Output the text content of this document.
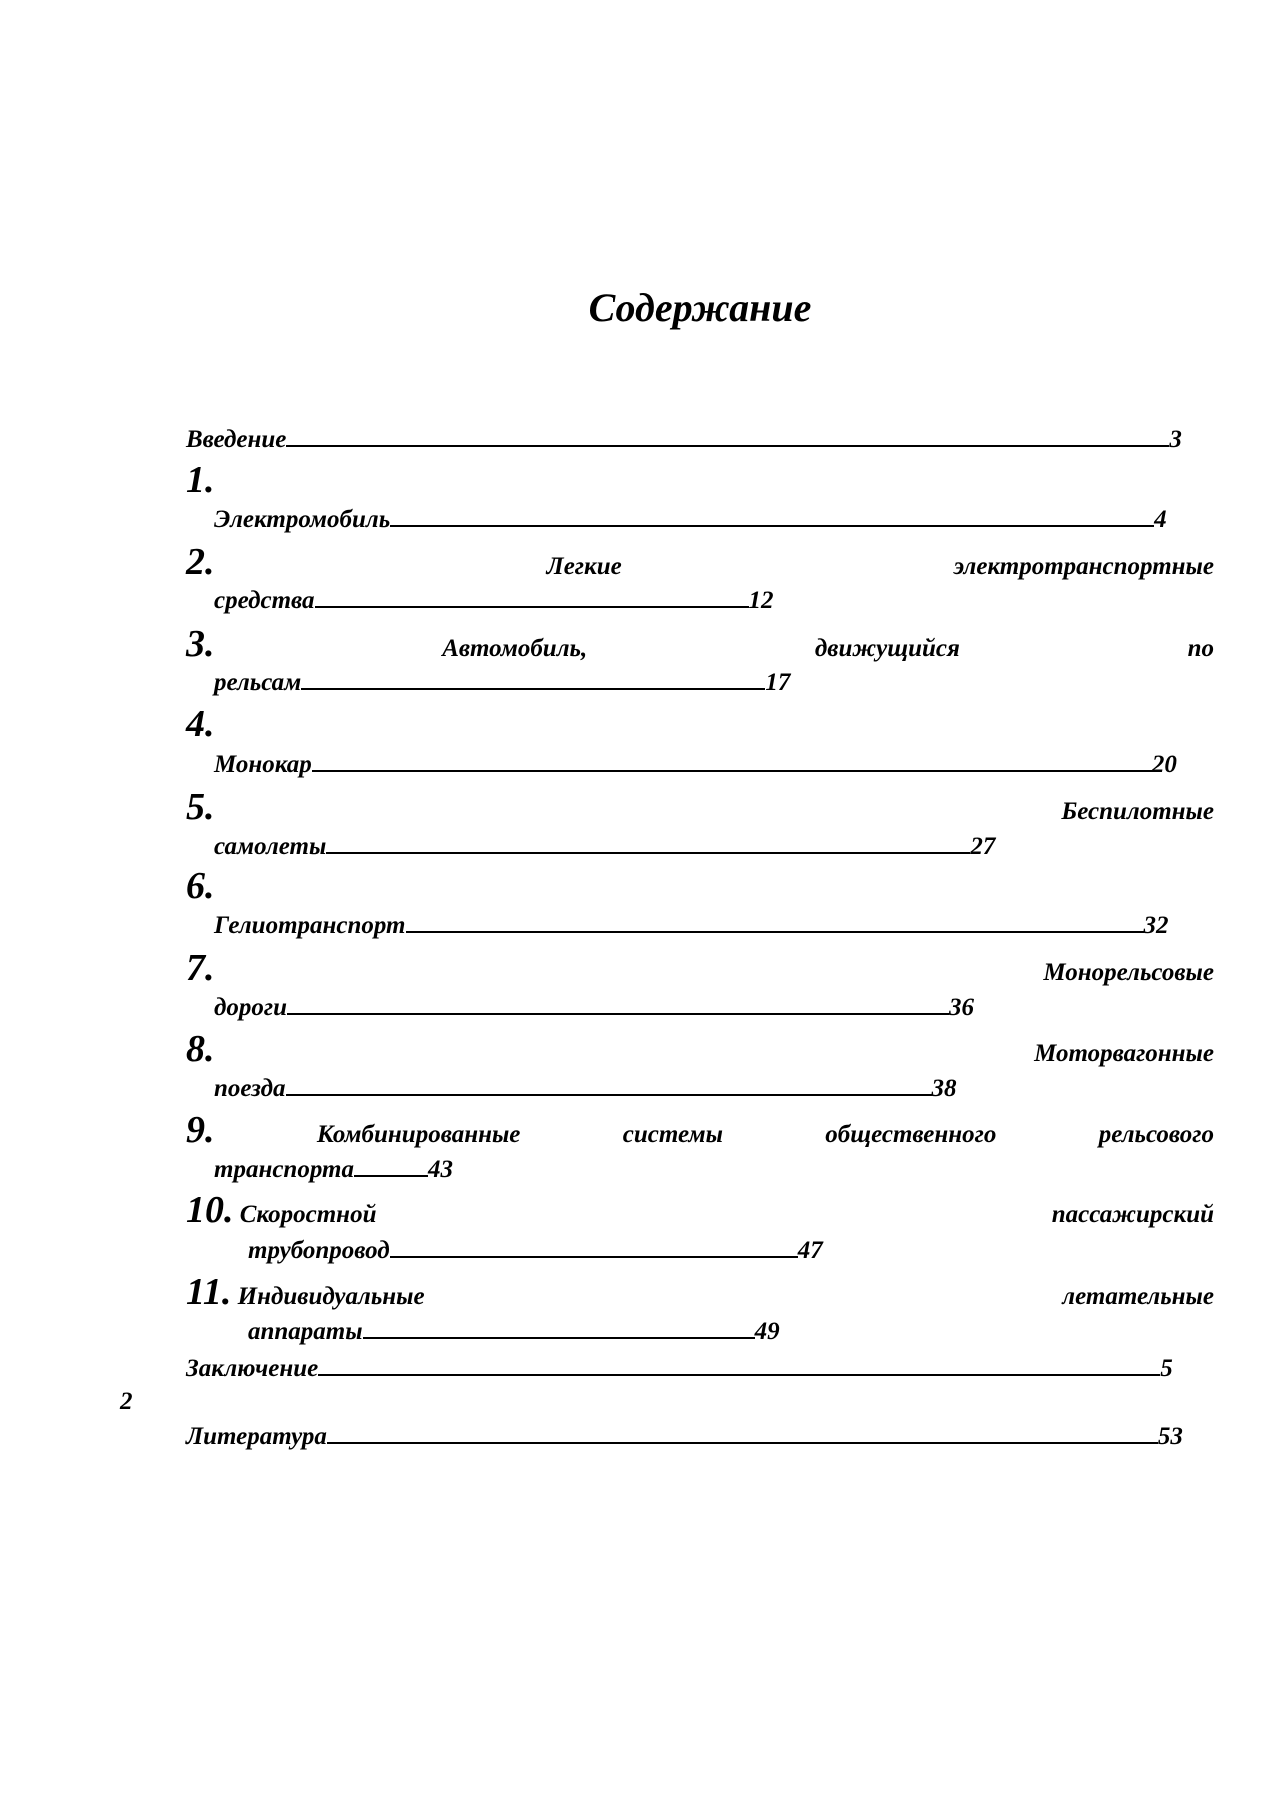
Содержание
Введение	3
1.
Электромобиль	4
2.	Легкие	электротранспортные
средства	12
3.	Автомобиль,	движущийся	по
рельсам	17
4.
Монокар	20
5.	Беспилотные
самолеты	27
6.
Гелиотранспорт	32
7.	Монорельсовые
дороги	36
8.	Моторвагонные
поезда	38
9.	Комбинированные	системы	общественного	рельсового
транспорта	43
10. Скоростной	пассажирский
трубопровод	47
11. Индивидуальные	летательные
аппараты	49
Заключение	5
2
Литература	53
